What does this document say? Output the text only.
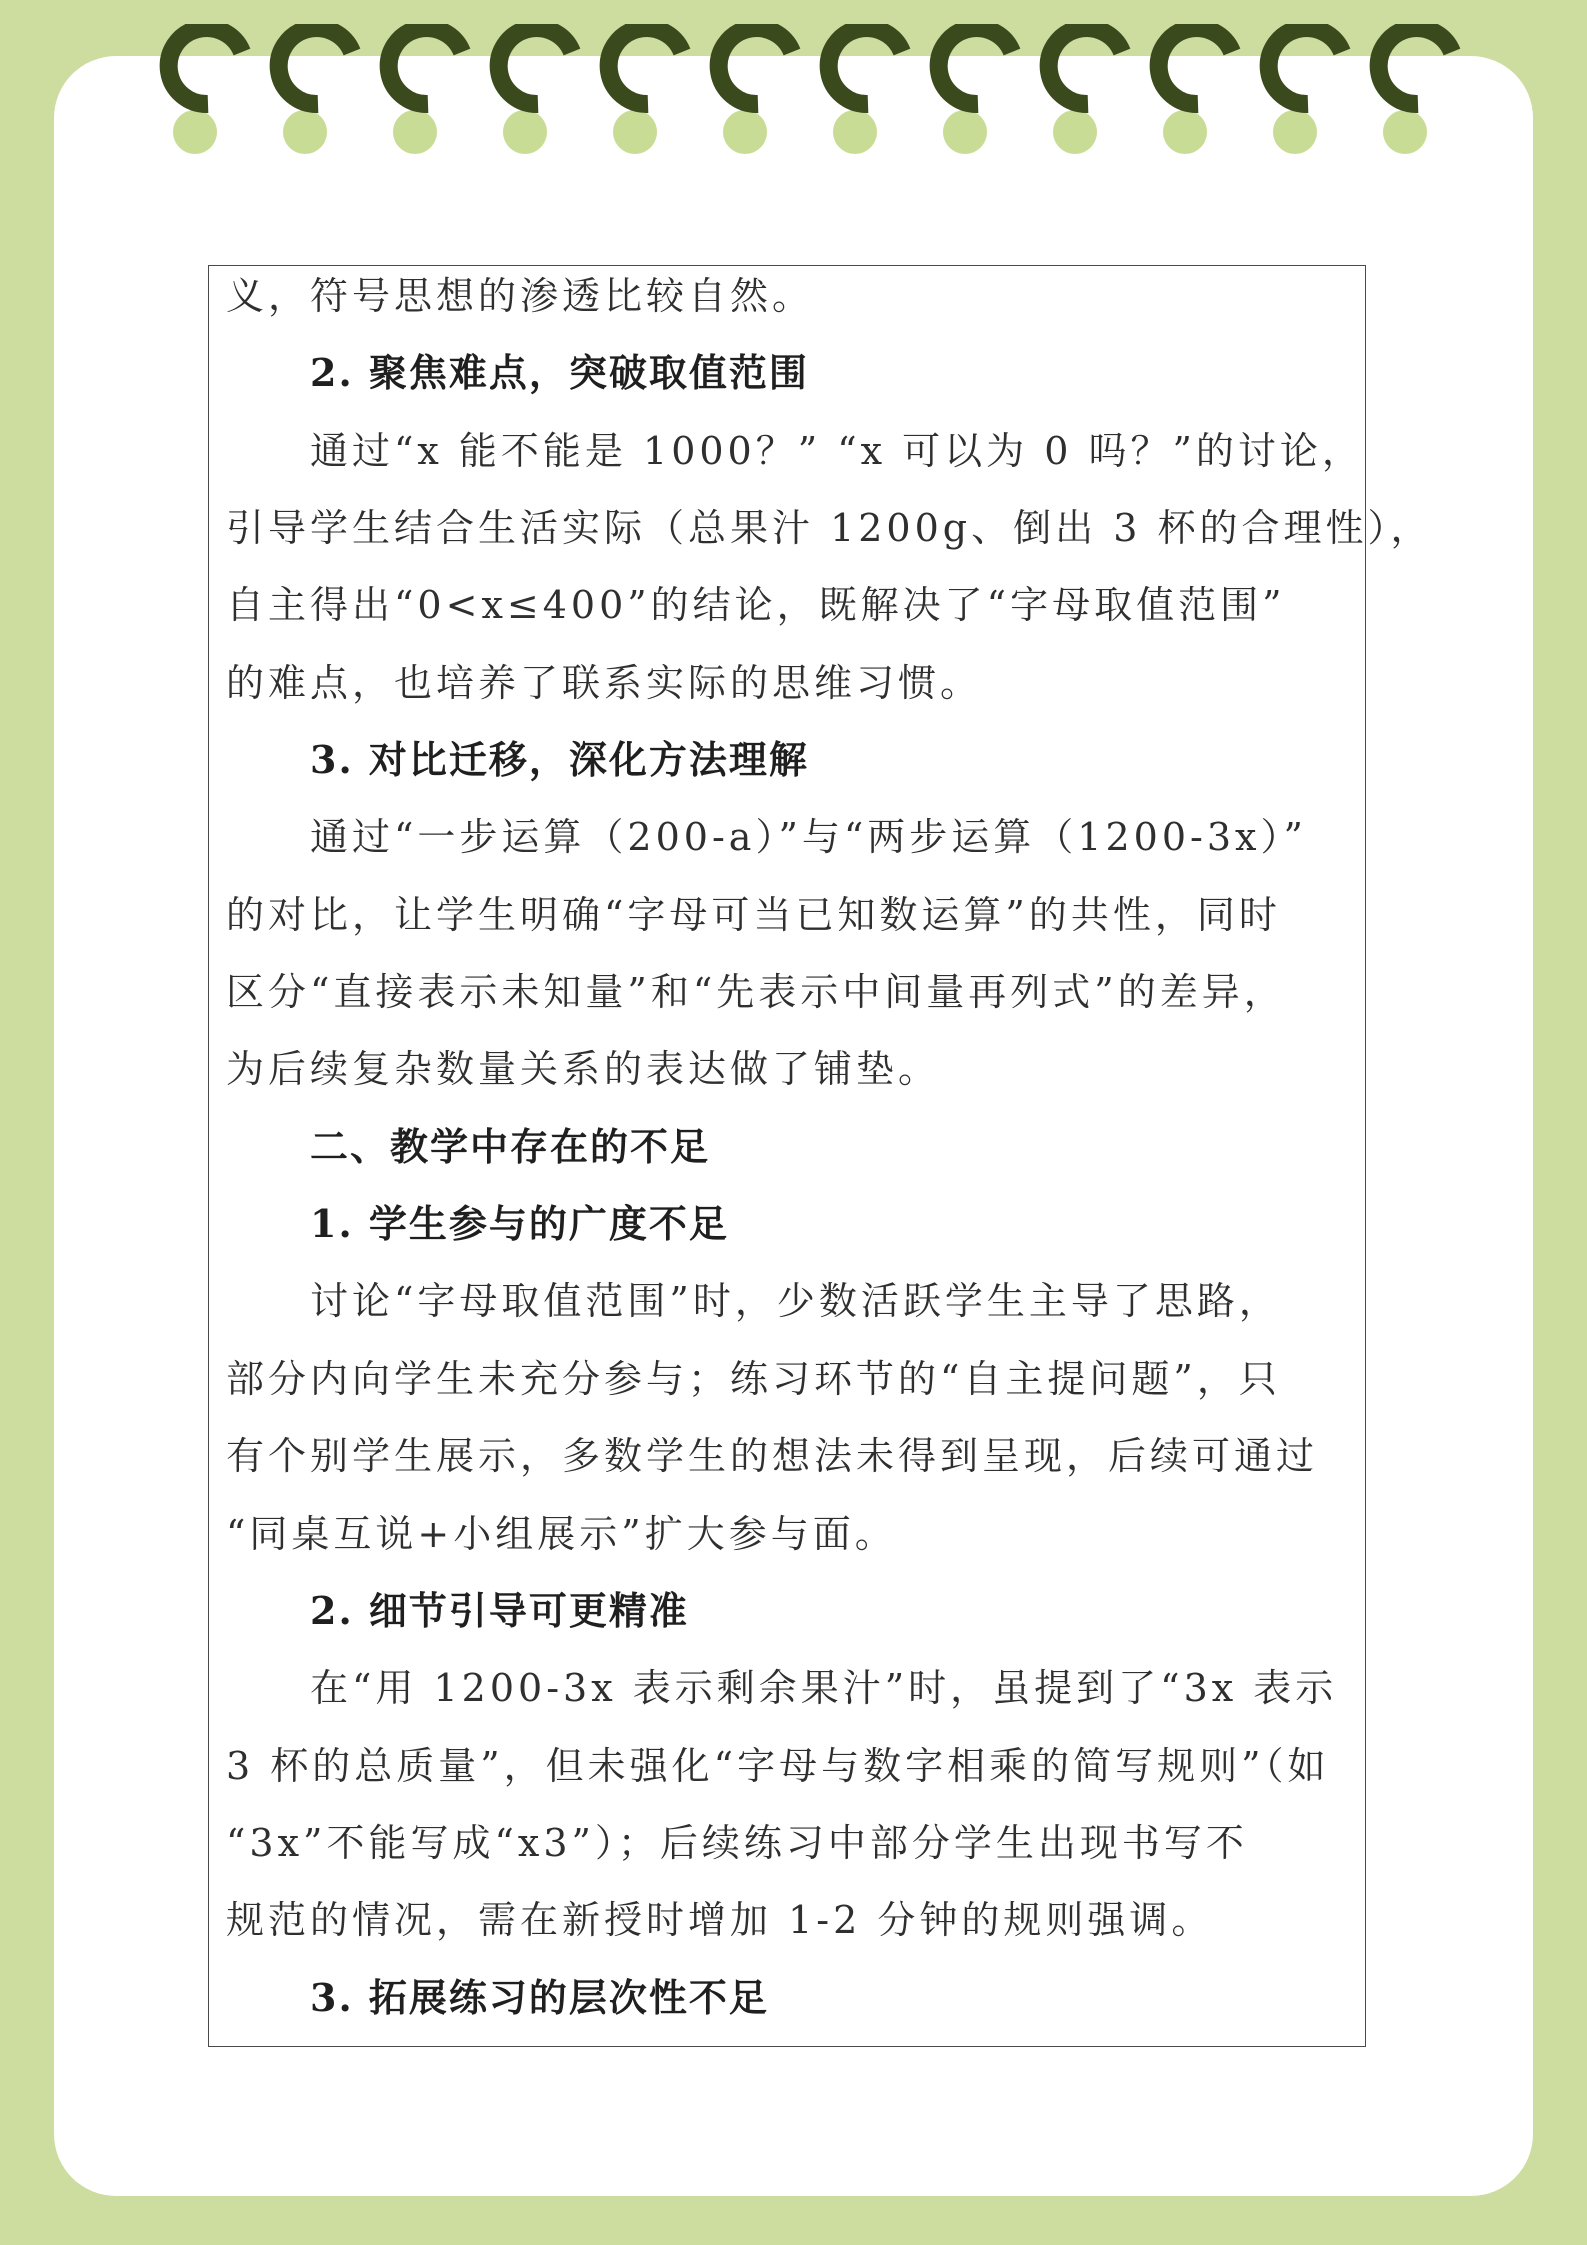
义，符号思想的渗透比较自然。
2. 聚焦难点，突破取值范围
通过“x 能不能是 1000？” “x 可以为 0 吗？”的讨论，
引导学生结合生活实际（总果汁 1200g、倒出 3 杯的合理性），
自主得出“0<x≤400”的结论，既解决了“字母取值范围”
的难点，也培养了联系实际的思维习惯。
3. 对比迁移，深化方法理解
通过“一步运算（200-a）”与“两步运算（1200-3x）”
的对比，让学生明确“字母可当已知数运算”的共性，同时
区分“直接表示未知量”和“先表示中间量再列式”的差异，
为后续复杂数量关系的表达做了铺垫。
二、教学中存在的不足
1. 学生参与的广度不足
讨论“字母取值范围”时，少数活跃学生主导了思路，
部分内向学生未充分参与；练习环节的“自主提问题”，只
有个别学生展示，多数学生的想法未得到呈现，后续可通过
“同桌互说+小组展示”扩大参与面。
2. 细节引导可更精准
在“用 1200-3x 表示剩余果汁”时，虽提到了“3x 表示
3 杯的总质量”，但未强化“字母与数字相乘的简写规则”（如
“3x”不能写成“x3”）；后续练习中部分学生出现书写不
规范的情况，需在新授时增加 1-2 分钟的规则强调。
3. 拓展练习的层次性不足
